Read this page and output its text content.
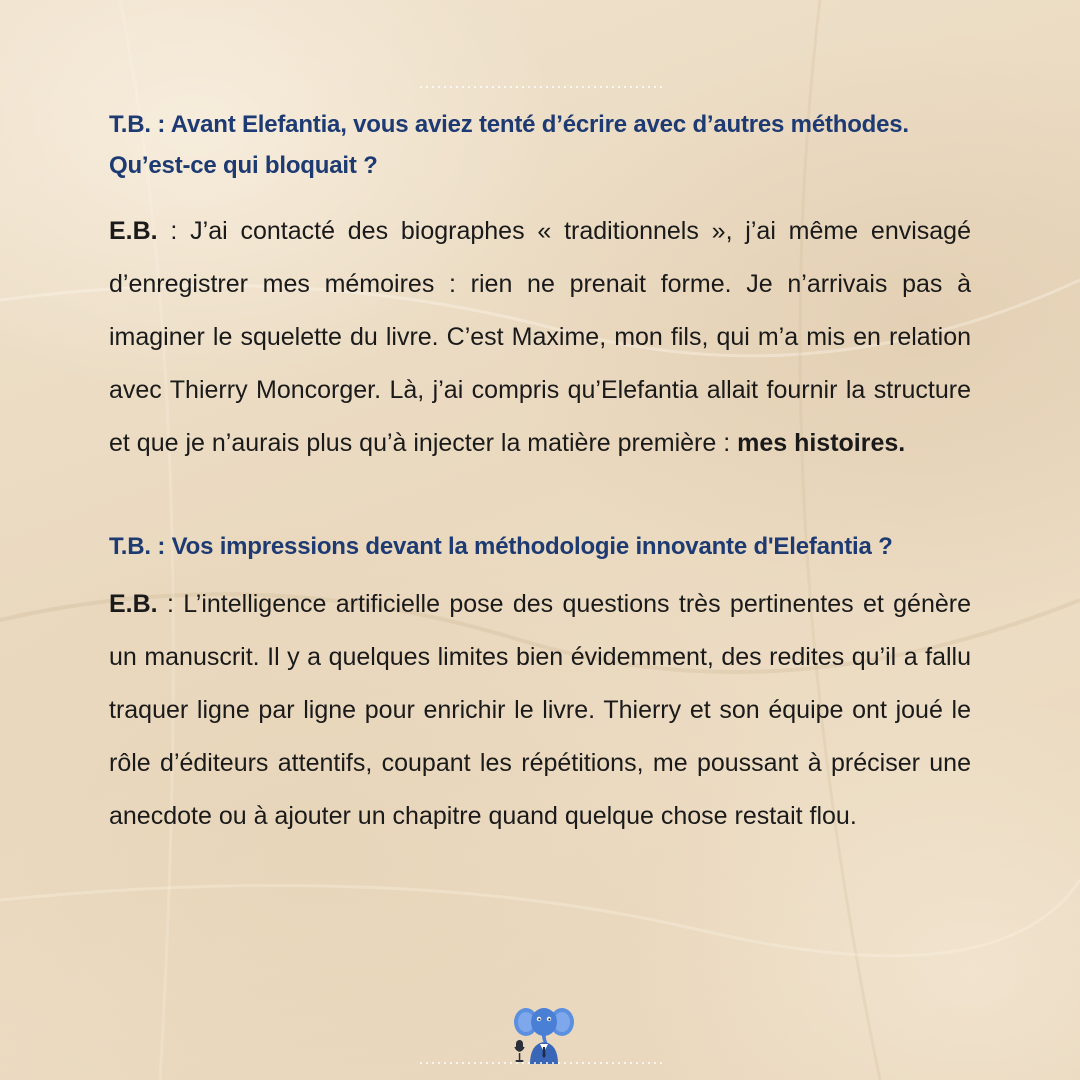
T.B. : Avant Elefantia, vous aviez tenté d’écrire avec d’autres méthodes. Qu’est-ce qui bloquait ?

E.B. : J’ai contacté des biographes « traditionnels », j’ai même envisagé d’enregistrer mes mémoires : rien ne prenait forme. Je n’arrivais pas à imaginer le squelette du livre. C’est Maxime, mon fils, qui m’a mis en relation avec Thierry Moncorger. Là, j’ai compris qu’Elefantia allait fournir la structure et que je n’aurais plus qu’à injecter la matière première : mes histoires.

T.B. : Vos impressions devant la méthodologie innovante d'Elefantia ?

E.B. : L’intelligence artificielle pose des questions très pertinentes et génère un manuscrit. Il y a quelques limites bien évidemment, des redites qu’il a fallu traquer ligne par ligne pour enrichir le livre. Thierry et son équipe ont joué le rôle d’éditeurs attentifs, coupant les répétitions, me poussant à préciser une anecdote ou à ajouter un chapitre quand quelque chose restait flou.
